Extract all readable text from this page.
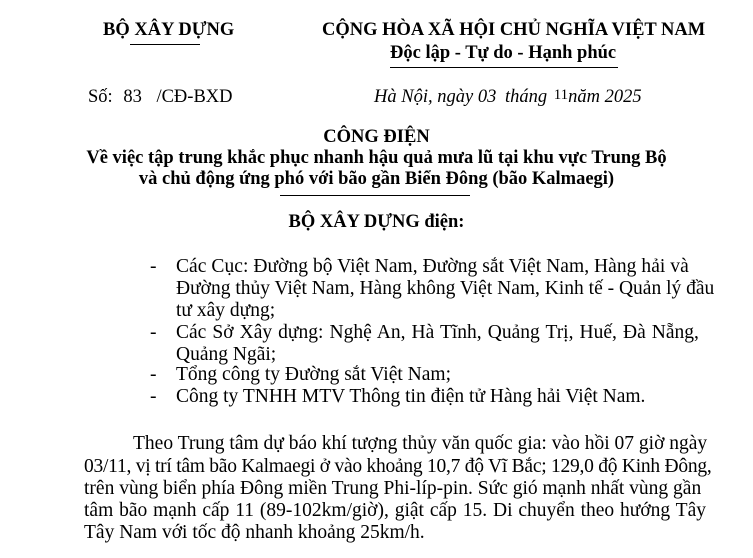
BỘ XÂY DỰNG	CỘNG HÒA XÃ HỘI CHỦ NGHĨA VIỆT NAM
Độc lập - Tự do - Hạnh phúc
Số: 83 /CĐ-BXD	Hà Nội, ngày 03 tháng 11năm 2025
CÔNG ĐIỆN
Về việc tập trung khắc phục nhanh hậu quả mưa lũ tại khu vực Trung Bộ
và chủ động ứng phó với bão gần Biển Đông (bão Kalmaegi)
BỘ XÂY DỰNG điện:
-	Các Cục: Đường bộ Việt Nam, Đường sắt Việt Nam, Hàng hải và
Đường thủy Việt Nam, Hàng không Việt Nam, Kinh tế - Quản lý đầu
tư xây dựng;
-	Các Sở Xây dựng: Nghệ An, Hà Tĩnh, Quảng Trị, Huế, Đà Nẵng,
Quảng Ngãi;
-	Tổng công ty Đường sắt Việt Nam;
-	Công ty TNHH MTV Thông tin điện tử Hàng hải Việt Nam.
Theo Trung tâm dự báo khí tượng thủy văn quốc gia: vào hồi 07 giờ ngày
03/11, vị trí tâm bão Kalmaegi ở vào khoảng 10,7 độ Vĩ Bắc; 129,0 độ Kinh Đông,
trên vùng biển phía Đông miền Trung Phi-líp-pin. Sức gió mạnh nhất vùng gần
tâm bão mạnh cấp 11 (89-102km/giờ), giật cấp 15. Di chuyển theo hướng Tây
Tây Nam với tốc độ nhanh khoảng 25km/h.
